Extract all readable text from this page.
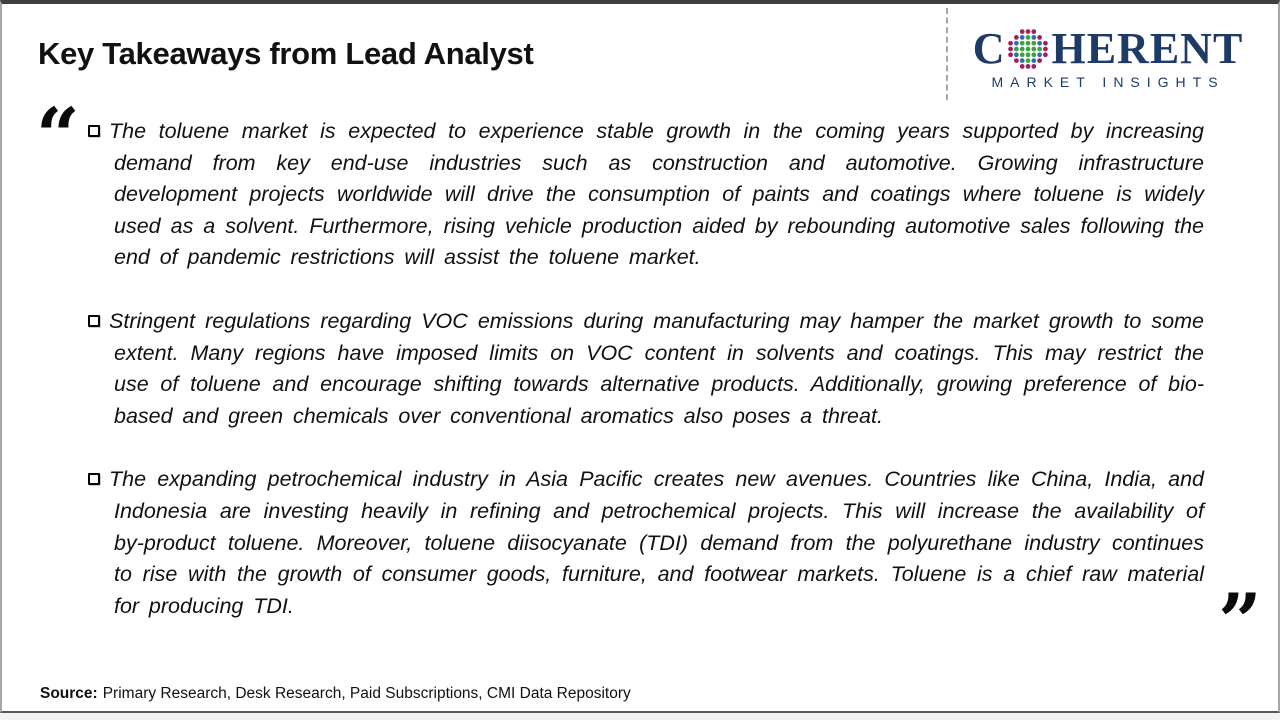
Key Takeaways from Lead Analyst	C HERENT
MARKET INSIGHTS
“	The toluene market is expected to experience stable growth in the coming years supported by increasing demand from key end-use industries such as construction and automotive. Growing infrastructure development projects worldwide will drive the consumption of paints and coatings where toluene is widely used as a solvent. Furthermore, rising vehicle production aided by rebounding automotive sales following the end of pandemic restrictions will assist the toluene market.

Stringent regulations regarding VOC emissions during manufacturing may hamper the market growth to some extent. Many regions have imposed limits on VOC content in solvents and coatings. This may restrict the use of toluene and encourage shifting towards alternative products. Additionally, growing preference of bio-based and green chemicals over conventional aromatics also poses a threat.

The expanding petrochemical industry in Asia Pacific creates new avenues. Countries like China, India, and Indonesia are investing heavily in refining and petrochemical projects. This will increase the availability of by-product toluene. Moreover, toluene diisocyanate (TDI) demand from the polyurethane industry continues to rise with the growth of consumer goods, furniture, and footwear markets. Toluene is a chief raw material for producing TDI.	”
Source: Primary Research, Desk Research, Paid Subscriptions, CMI Data Repository
